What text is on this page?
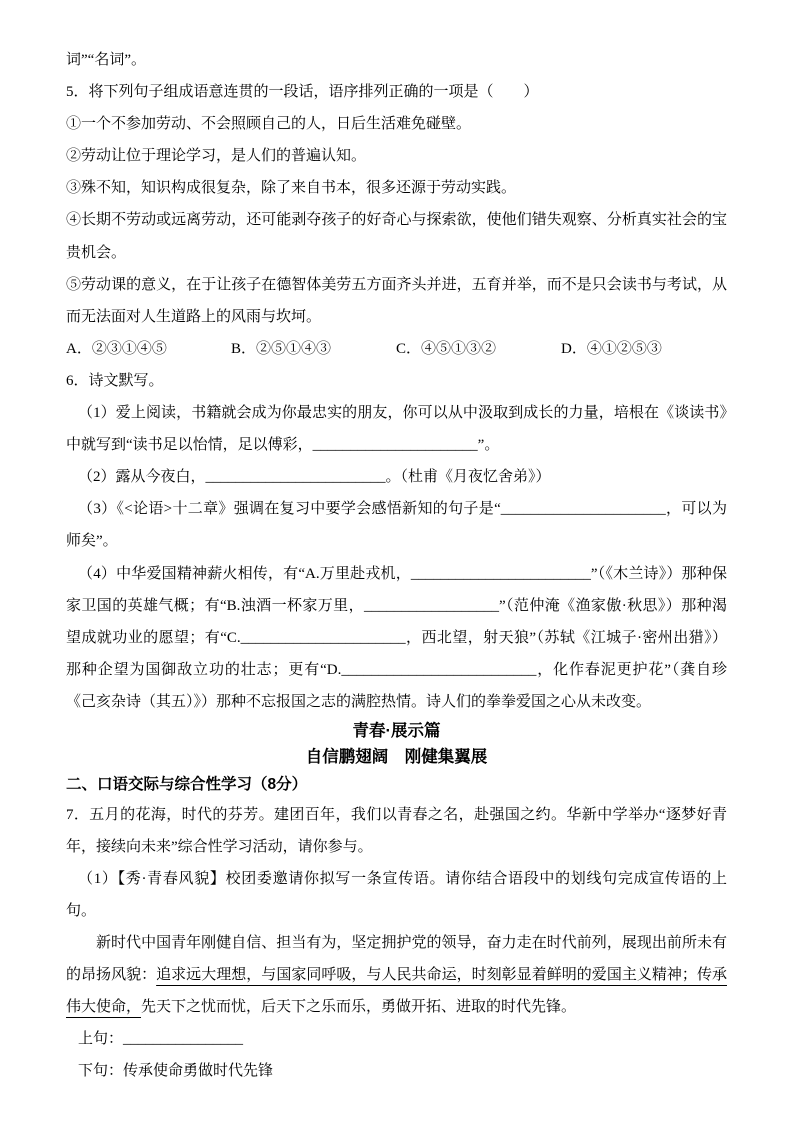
词”“名词”。

5．将下列句子组成语意连贯的一段话，语序排列正确的一项是（　　）

①一个不参加劳动、不会照顾自己的人，日后生活难免碰壁。

②劳动让位于理论学习，是人们的普遍认知。

③殊不知，知识构成很复杂，除了来自书本，很多还源于劳动实践。

④长期不劳动或远离劳动，还可能剥夺孩子的好奇心与探索欲，使他们错失观察、分析真实社会的宝贵机会。

⑤劳动课的意义，在于让孩子在德智体美劳五方面齐头并进，五育并举，而不是只会读书与考试，从而无法面对人生道路上的风雨与坎坷。

A．②③①④⑤	B．②⑤①④③	C．④⑤①③②	D．④①②⑤③

6．诗文默写。

（1）爱上阅读，书籍就会成为你最忠实的朋友，你可以从中汲取到成长的力量，培根在《谈读书》中就写到“读书足以怡情，足以傅彩，______________________”。

（2）露从今夜白，________________________。（杜甫《月夜忆舍弟》）

（3）《<论语>十二章》强调在复习中要学会感悟新知的句子是“______________________，可以为师矣”。

（4）中华爱国精神薪火相传，有“A.万里赴戎机，________________________”（《木兰诗》）那种保家卫国的英雄气概；有“B.浊酒一杯家万里，__________________”（范仲淹《渔家傲·秋思》）那种渴望成就功业的愿望；有“C.______________________，西北望，射天狼”（苏轼《江城子·密州出猎》）那种企望为国御敌立功的壮志；更有“D.__________________________，化作春泥更护花”（龚自珍《己亥杂诗（其五）》）那种不忘报国之志的满腔热情。诗人们的拳拳爱国之心从未改变。

青春·展示篇
自信鹏翅阔　刚健集翼展

二、口语交际与综合性学习（8分）

7．五月的花海，时代的芬芳。建团百年，我们以青春之名，赴强国之约。华新中学举办“逐梦好青年，接续向未来”综合性学习活动，请你参与。

（1）【秀·青春风貌】校团委邀请你拟写一条宣传语。请你结合语段中的划线句完成宣传语的上句。

新时代中国青年刚健自信、担当有为，坚定拥护党的领导，奋力走在时代前列，展现出前所未有的昂扬风貌：追求远大理想，与国家同呼吸，与人民共命运，时刻彰显着鲜明的爱国主义精神；传承伟大使命，先天下之忧而忧，后天下之乐而乐，勇做开拓、进取的时代先锋。

上句：________________

下句：传承使命勇做时代先锋
